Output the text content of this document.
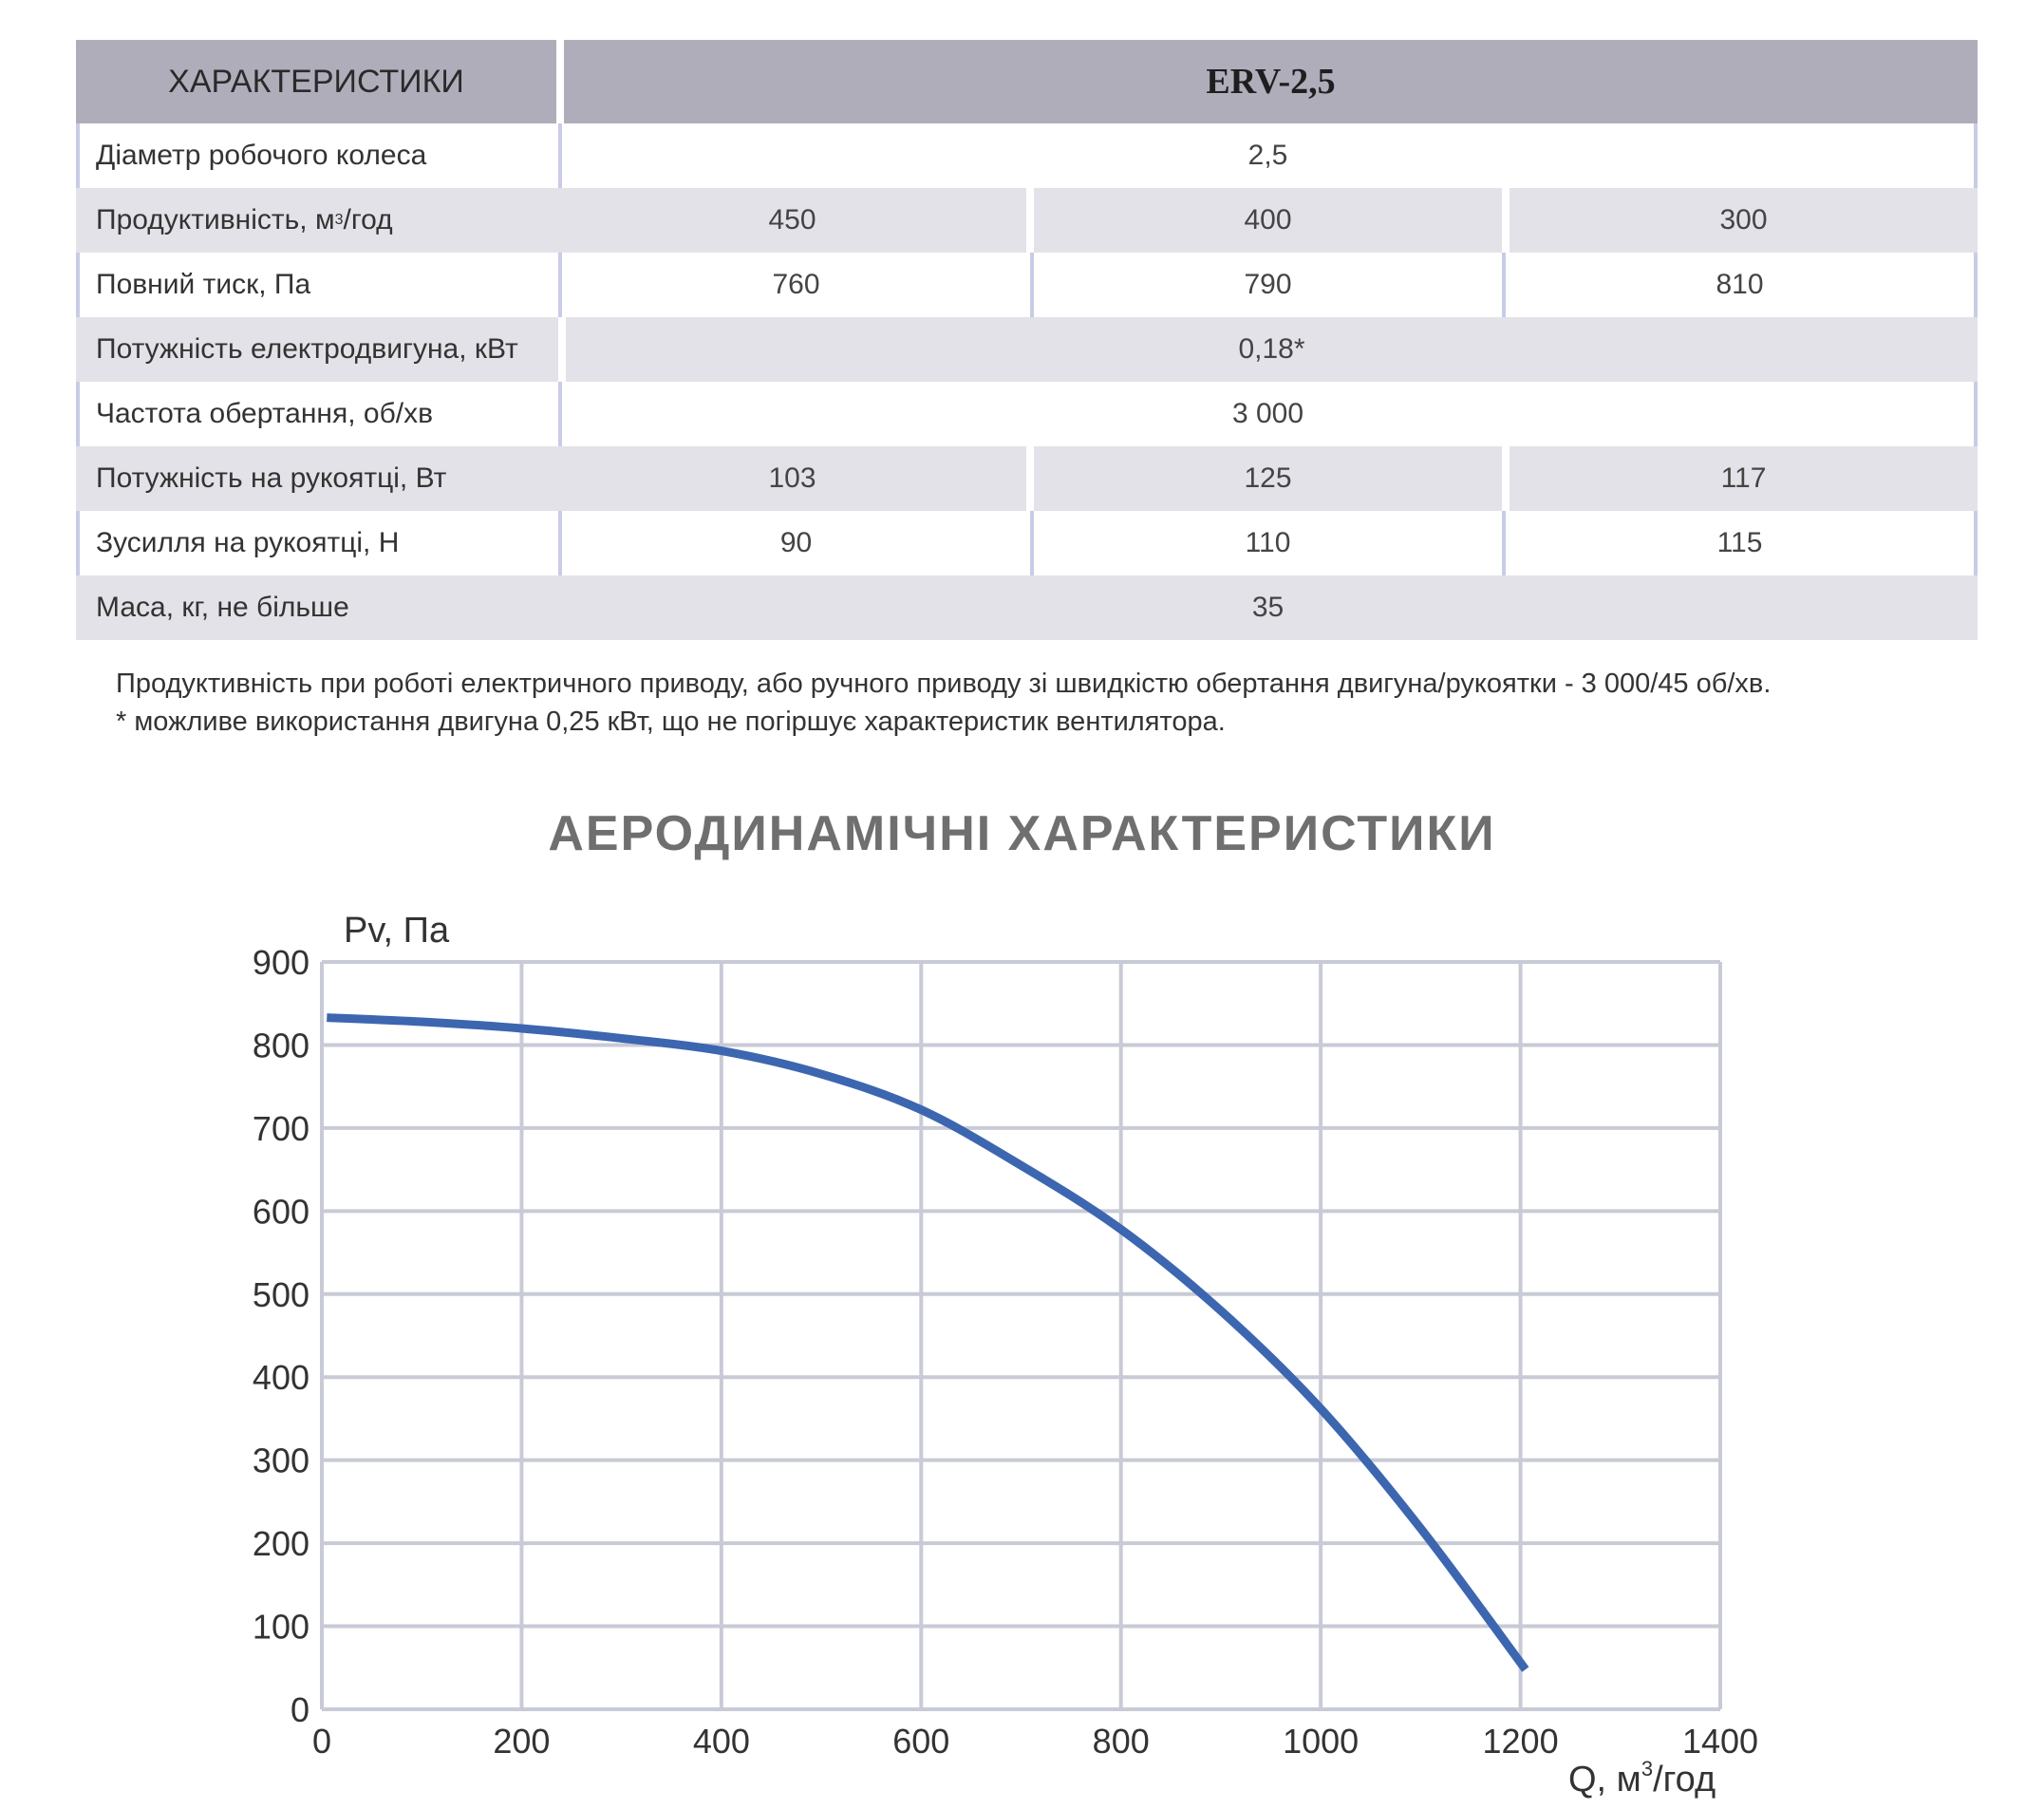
ХАРАКТЕРИСТИКИ	ERV-2,5
Діаметр робочого колеса	2,5
Продуктивність, м 3 /год	450	400	300
Повний тиск, Па	760	790	810
Потужність електродвигуна, кВт	0,18*
Частота обертання, об/хв	3 000
Потужність на рукоятці, Вт	103	125	117
Зусилля на рукоятці, Н	90	110	115
Маса, кг, не більше	35
Продуктивність при роботі електричного приводу, або ручного приводу зі швидкістю обертання двигуна/рукоятки - 3 000/45 об/хв.
* можливе використання двигуна 0,25 кВт, що не погіршує характеристик вентилятора.
АЕРОДИНАМІЧНІ ХАРАКТЕРИСТИКИ
0	200	400	600	800	1000	1200	1400
0
100
200
300
400
500
600
700
800
900
Pv, Па
Q, $м^3$/год
